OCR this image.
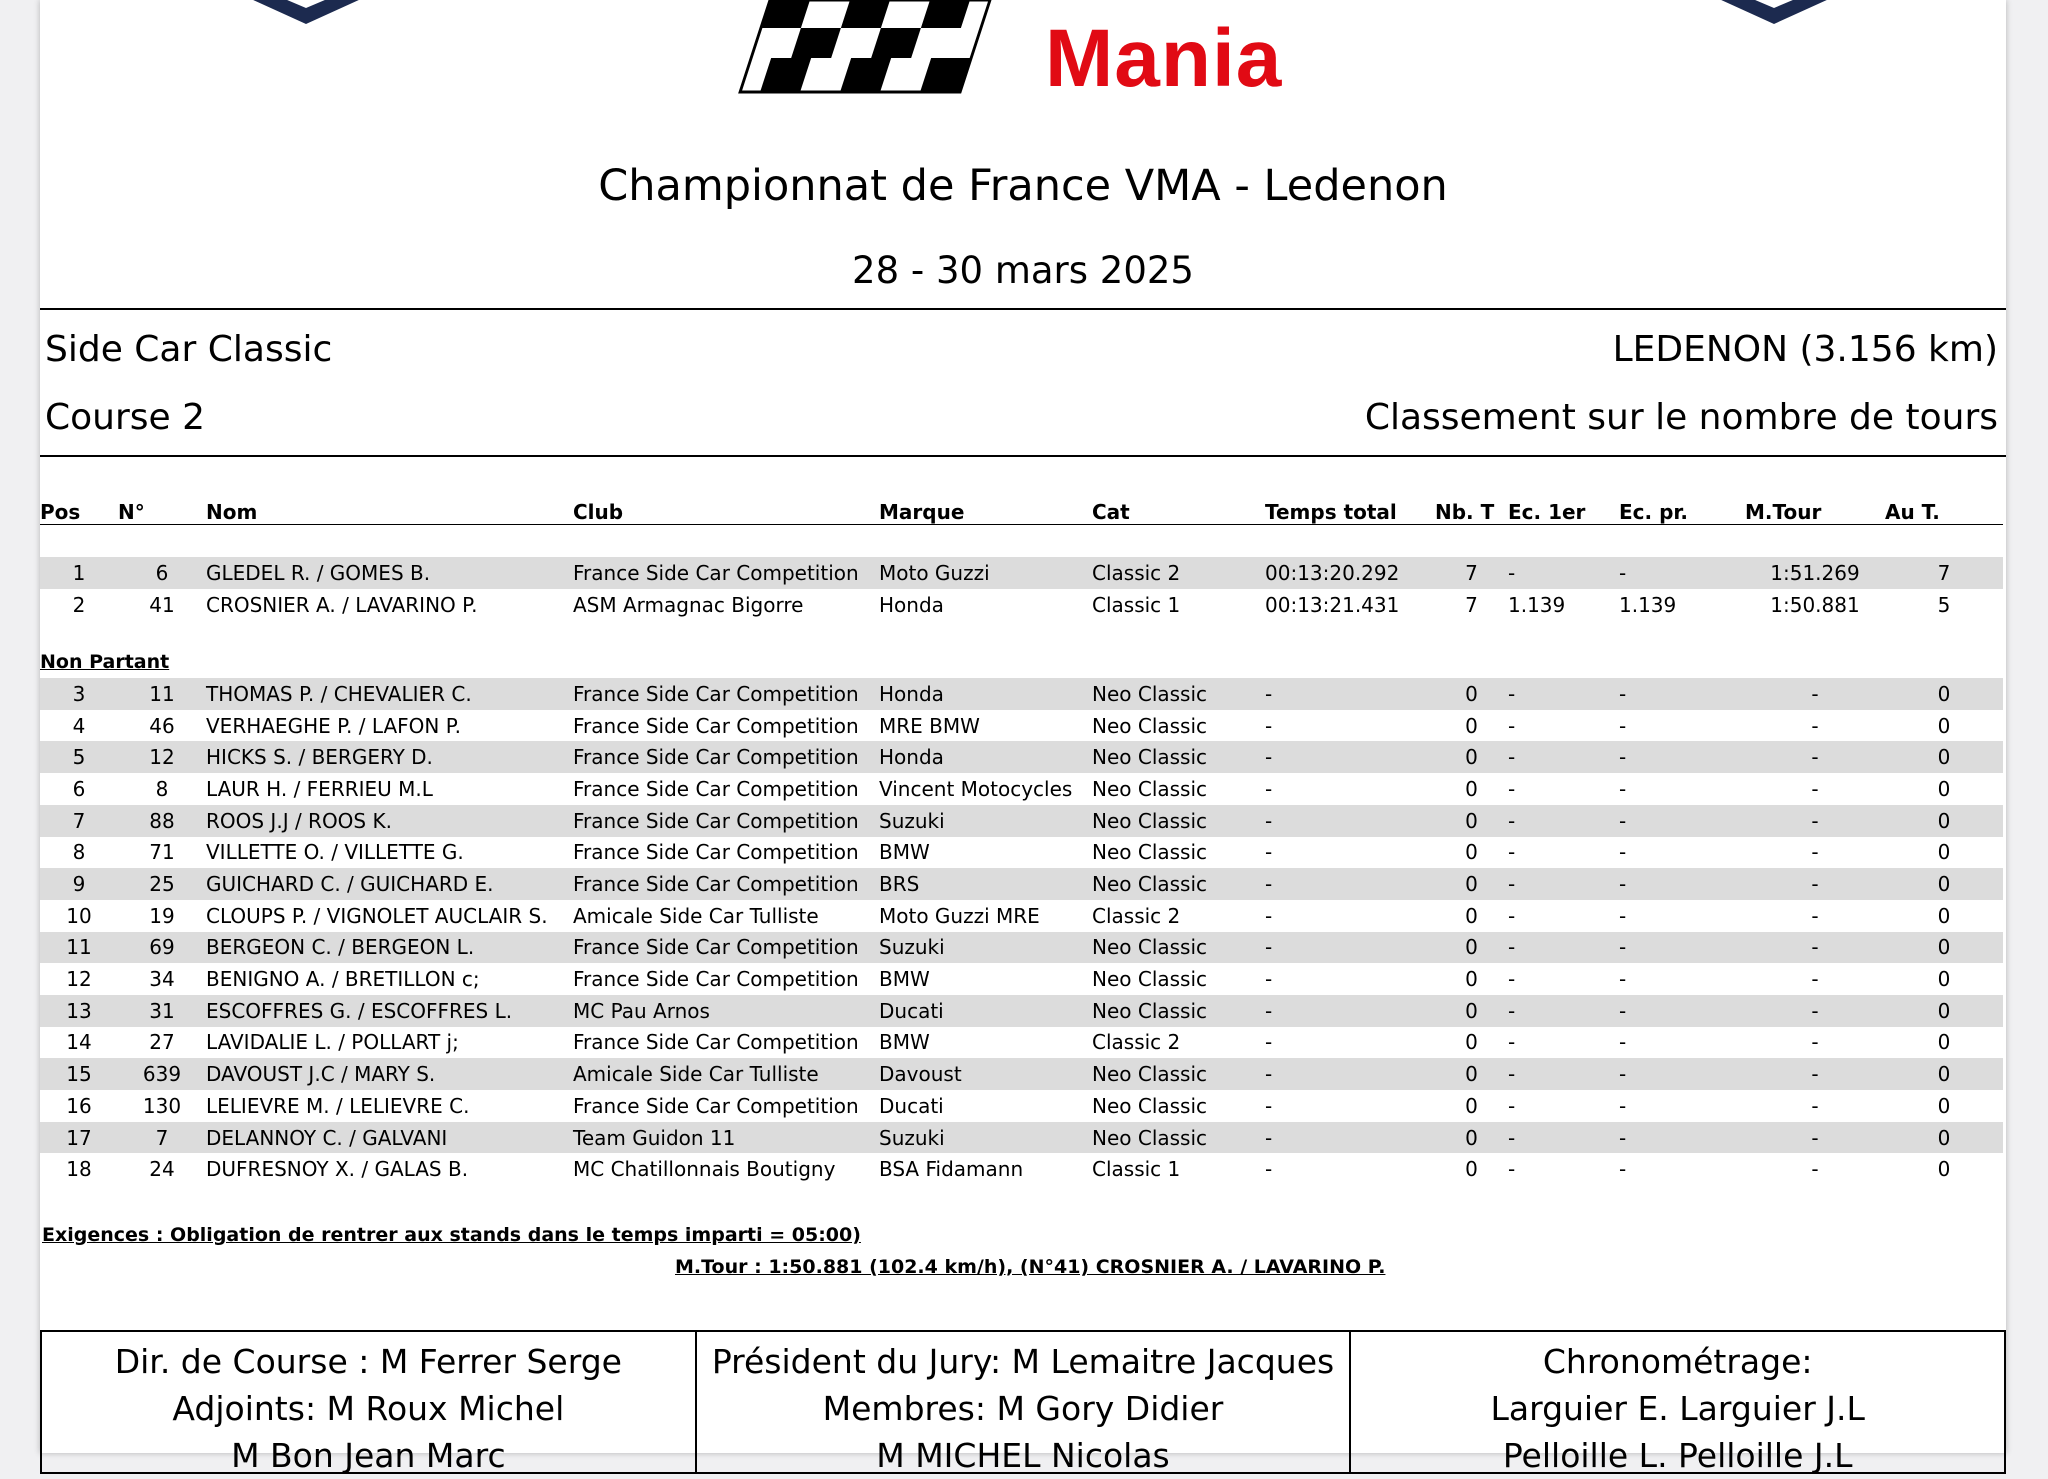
Mania
Championnat de France VMA - Ledenon
28 - 30 mars 2025
Side Car Classic	LEDENON (3.156 km)
Course 2	Classement sur le nombre de tours
Pos	N°	Nom	Club	Marque	Cat	Temps total	Nb. T	Ec. 1er	Ec. pr.	M.Tour	Au T.

1	6	GLEDEL R. / GOMES B.	France Side Car Competition	Moto Guzzi	Classic 2	00:13:20.292	7	-	-	1:51.269	7
2	41	CROSNIER A. / LAVARINO P.	ASM Armagnac Bigorre	Honda	Classic 1	00:13:21.431	7	1.139	1.139	1:50.881	5

Non Partant											
3	11	THOMAS P. / CHEVALIER C.	France Side Car Competition	Honda	Neo Classic	-	0	-	-	-	0
4	46	VERHAEGHE P. / LAFON P.	France Side Car Competition	MRE BMW	Neo Classic	-	0	-	-	-	0
5	12	HICKS S. / BERGERY D.	France Side Car Competition	Honda	Neo Classic	-	0	-	-	-	0
6	8	LAUR H. / FERRIEU M.L	France Side Car Competition	Vincent Motocycles	Neo Classic	-	0	-	-	-	0
7	88	ROOS J.J / ROOS K.	France Side Car Competition	Suzuki	Neo Classic	-	0	-	-	-	0
8	71	VILLETTE O. / VILLETTE G.	France Side Car Competition	BMW	Neo Classic	-	0	-	-	-	0
9	25	GUICHARD C. / GUICHARD E.	France Side Car Competition	BRS	Neo Classic	-	0	-	-	-	0
10	19	CLOUPS P. / VIGNOLET AUCLAIR S.	Amicale Side Car Tulliste	Moto Guzzi MRE	Classic 2	-	0	-	-	-	0
11	69	BERGEON C. / BERGEON L.	France Side Car Competition	Suzuki	Neo Classic	-	0	-	-	-	0
12	34	BENIGNO A. / BRETILLON c;	France Side Car Competition	BMW	Neo Classic	-	0	-	-	-	0
13	31	ESCOFFRES G. / ESCOFFRES L.	MC Pau Arnos	Ducati	Neo Classic	-	0	-	-	-	0
14	27	LAVIDALIE L. / POLLART j;	France Side Car Competition	BMW	Classic 2	-	0	-	-	-	0
15	639	DAVOUST J.C / MARY S.	Amicale Side Car Tulliste	Davoust	Neo Classic	-	0	-	-	-	0
16	130	LELIEVRE M. / LELIEVRE C.	France Side Car Competition	Ducati	Neo Classic	-	0	-	-	-	0
17	7	DELANNOY C. / GALVANI	Team Guidon 11	Suzuki	Neo Classic	-	0	-	-	-	0
18	24	DUFRESNOY X. / GALAS B.	MC Chatillonnais Boutigny	BSA Fidamann	Classic 1	-	0	-	-	-	0
Exigences : Obligation de rentrer aux stands dans le temps imparti = 05:00)
M.Tour : 1:50.881 (102.4 km/h), (N°41) CROSNIER A. / LAVARINO P.
Dir. de Course : M Ferrer Serge
Adjoints: M Roux Michel
M Bon Jean Marc
Président du Jury: M Lemaitre Jacques
Membres: M Gory Didier
M MICHEL Nicolas
Chronométrage:
Larguier E. Larguier J.L
Pelloille L. Pelloille J.L
